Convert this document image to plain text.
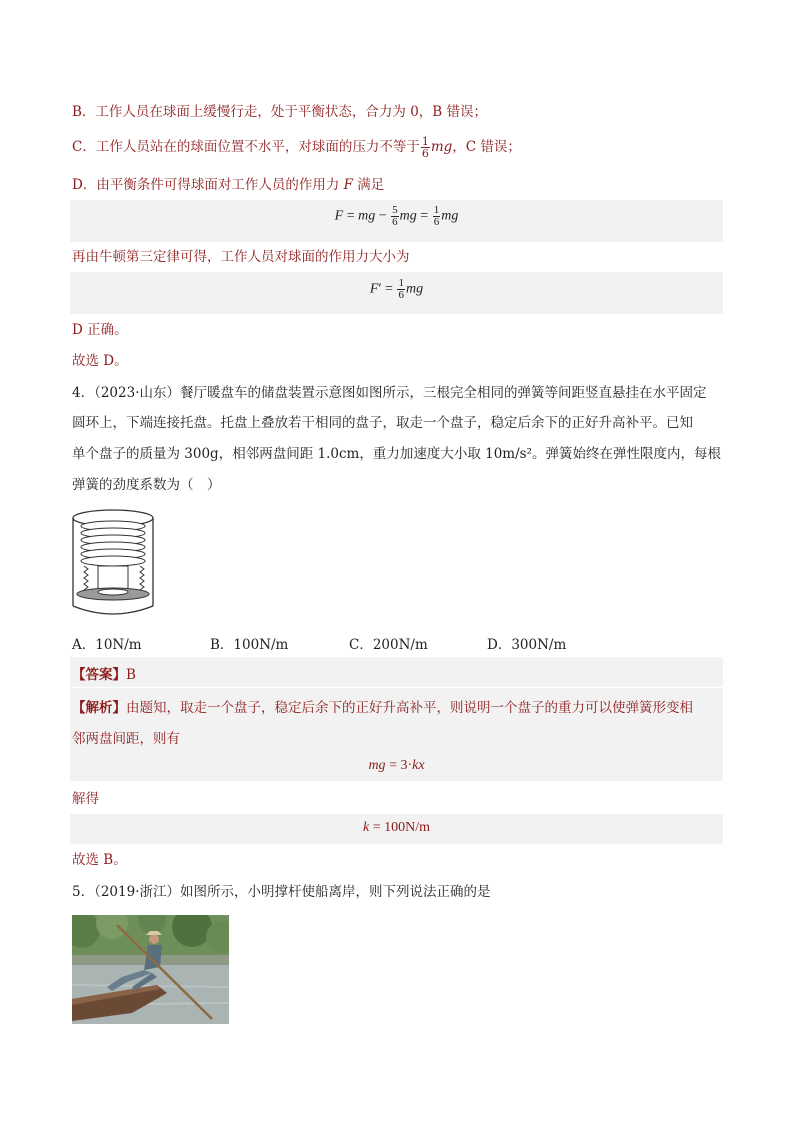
B．工作人员在球面上缓慢行走，处于平衡状态，合力为 0，B 错误；
C．工作人员站在的球面位置不水平，对球面的压力不等于 $\frac{1}{6}$ mg，C 错误；
D．由平衡条件可得球面对工作人员的作用力 F 满足
F = mg − $\frac{5}{6}$ mg = $\frac{1}{6}$ mg
再由牛顿第三定律可得，工作人员对球面的作用力大小为
$F' = \frac{1}{6}$ mg
D 正确。
故选 D。
4．（2023·山东）餐厅暖盘车的储盘装置示意图如图所示，三根完全相同的弹簧等间距竖直悬挂在水平固定
圆环上，下端连接托盘。托盘上叠放若干相同的盘子，取走一个盘子，稳定后余下的正好升高补平。已知
单个盘子的质量为 300g，相邻两盘间距 1.0cm，重力加速度大小取 10m/s²。弹簧始终在弹性限度内，每根
弹簧的劲度系数为（　）
A．10N/m	B．100N/m	C．200N/m	D．300N/m
【答案】B
【解析】由题知，取走一个盘子，稳定后余下的正好升高补平，则说明一个盘子的重力可以使弹簧形变相
邻两盘间距，则有
mg = 3·kx
解得
k = 100N/m
故选 B。
5．（2019·浙江）如图所示，小明撑杆使船离岸，则下列说法正确的是
